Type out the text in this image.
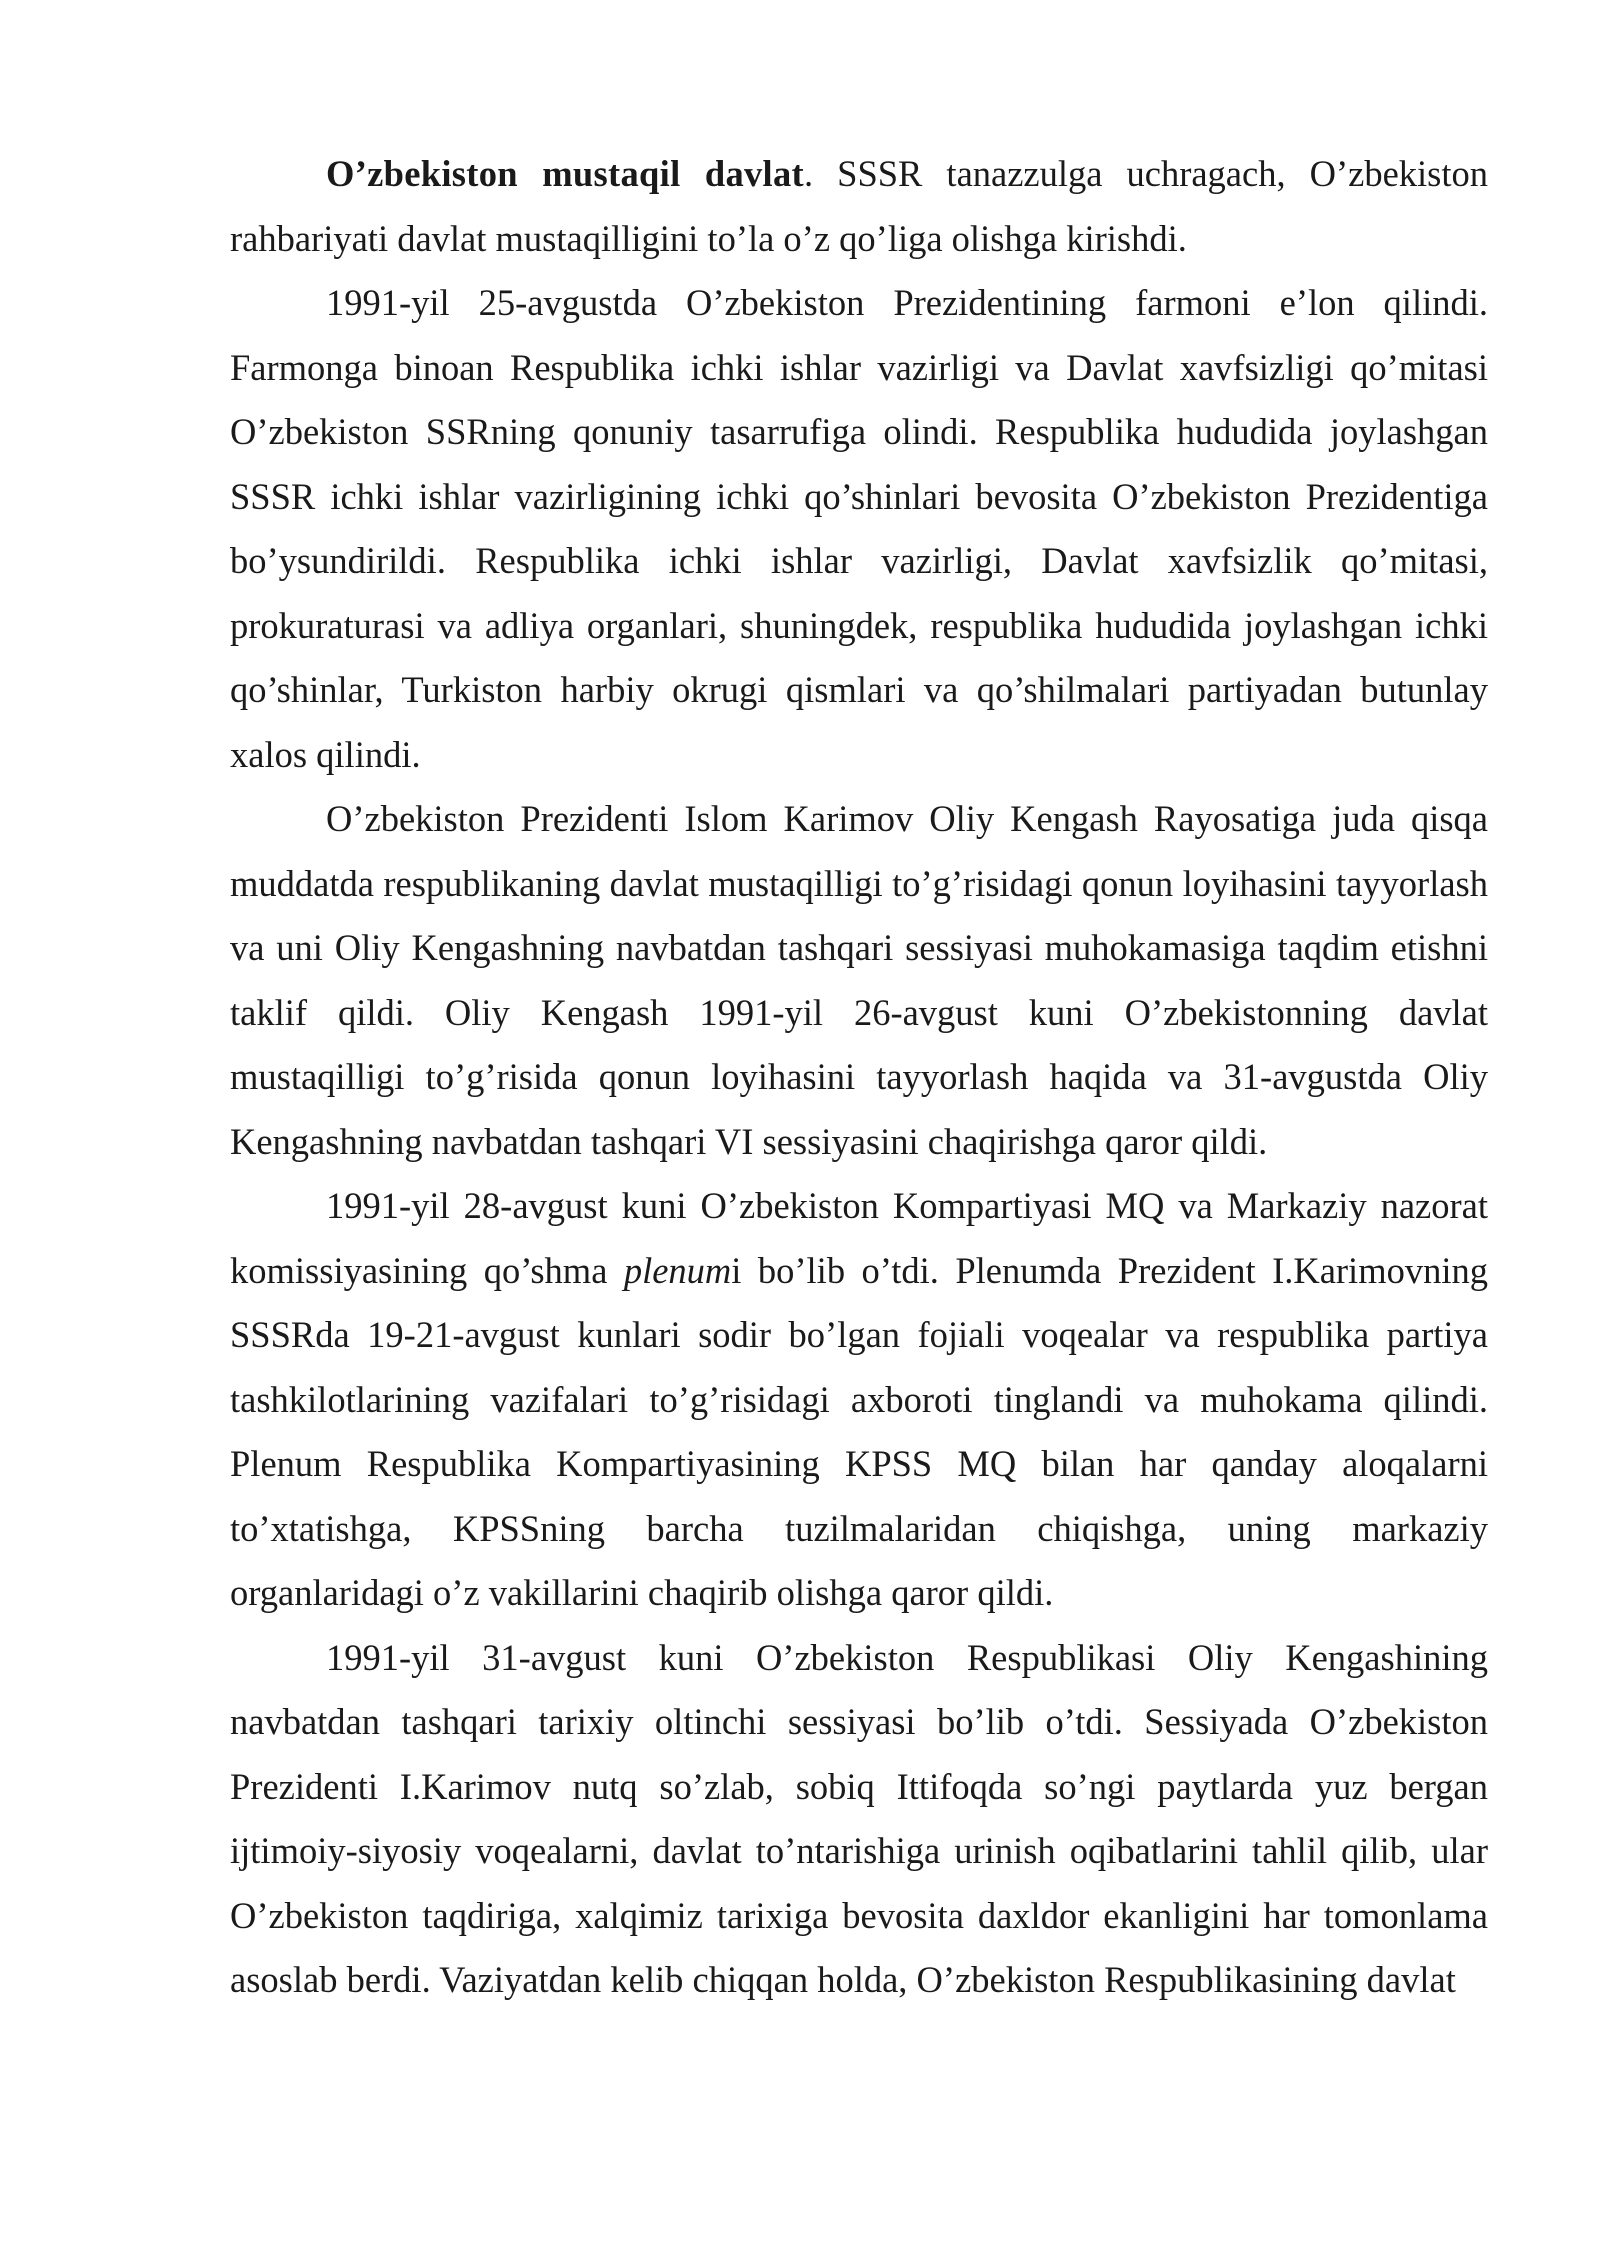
O’zbekiston mustaqil davlat. SSSR tanazzulga uchragach, O’zbekiston rahbariyati davlat mustaqilligini to’la o’z qo’liga olishga kirishdi.

1991-yil 25-avgustda O’zbekiston Prezidentining farmoni e’lon qilindi. Farmonga binoan Respublika ichki ishlar vazirligi va Davlat xavfsizligi qo’mitasi O’zbekiston SSRning qonuniy tasarrufiga olindi. Respublika hududida joylashgan SSSR ichki ishlar vazirligining ichki qo’shinlari bevosita O’zbekiston Prezidentiga bo’ysundirildi. Respublika ichki ishlar vazirligi, Davlat xavfsizlik qo’mitasi, prokuraturasi va adliya organlari, shuningdek, respublika hududida joylashgan ichki qo’shinlar, Turkiston harbiy okrugi qismlari va qo’shilmalari partiyadan butunlay xalos qilindi.

O’zbekiston Prezidenti Islom Karimov Oliy Kengash Rayosatiga juda qisqa muddatda respublikaning davlat mustaqilligi to’g’risidagi qonun loyihasini tayyorlash va uni Oliy Kengashning navbatdan tashqari sessiyasi muhokamasiga taqdim etishni taklif qildi. Oliy Kengash 1991-yil 26-avgust kuni O’zbekistonning davlat mustaqilligi to’g’risida qonun loyihasini tayyorlash haqida va 31-avgustda Oliy Kengashning navbatdan tashqari VI sessiyasini chaqirishga qaror qildi.

1991-yil 28-avgust kuni O’zbekiston Kompartiyasi MQ va Markaziy nazorat komissiyasining qo’shma plenumi bo’lib o’tdi. Plenumda Prezident I.Karimovning SSSRda 19-21-avgust kunlari sodir bo’lgan fojiali voqealar va respublika partiya tashkilotlarining vazifalari to’g’risidagi axboroti tinglandi va muhokama qilindi. Plenum Respublika Kompartiyasining KPSS MQ bilan har qanday aloqalarni to’xtatishga, KPSSning barcha tuzilmalaridan chiqishga, uning markaziy organlaridagi o’z vakillarini chaqirib olishga qaror qildi.

1991-yil 31-avgust kuni O’zbekiston Respublikasi Oliy Kengashining navbatdan tashqari tarixiy oltinchi sessiyasi bo’lib o’tdi. Sessiyada O’zbekiston Prezidenti I.Karimov nutq so’zlab, sobiq Ittifoqda so’ngi paytlarda yuz bergan ijtimoiy-siyosiy voqealarni, davlat to’ntarishiga urinish oqibatlarini tahlil qilib, ular O’zbekiston taqdiriga, xalqimiz tarixiga bevosita daxldor ekanligini har tomonlama asoslab berdi. Vaziyatdan kelib chiqqan holda, O’zbekiston Respublikasining davlat
